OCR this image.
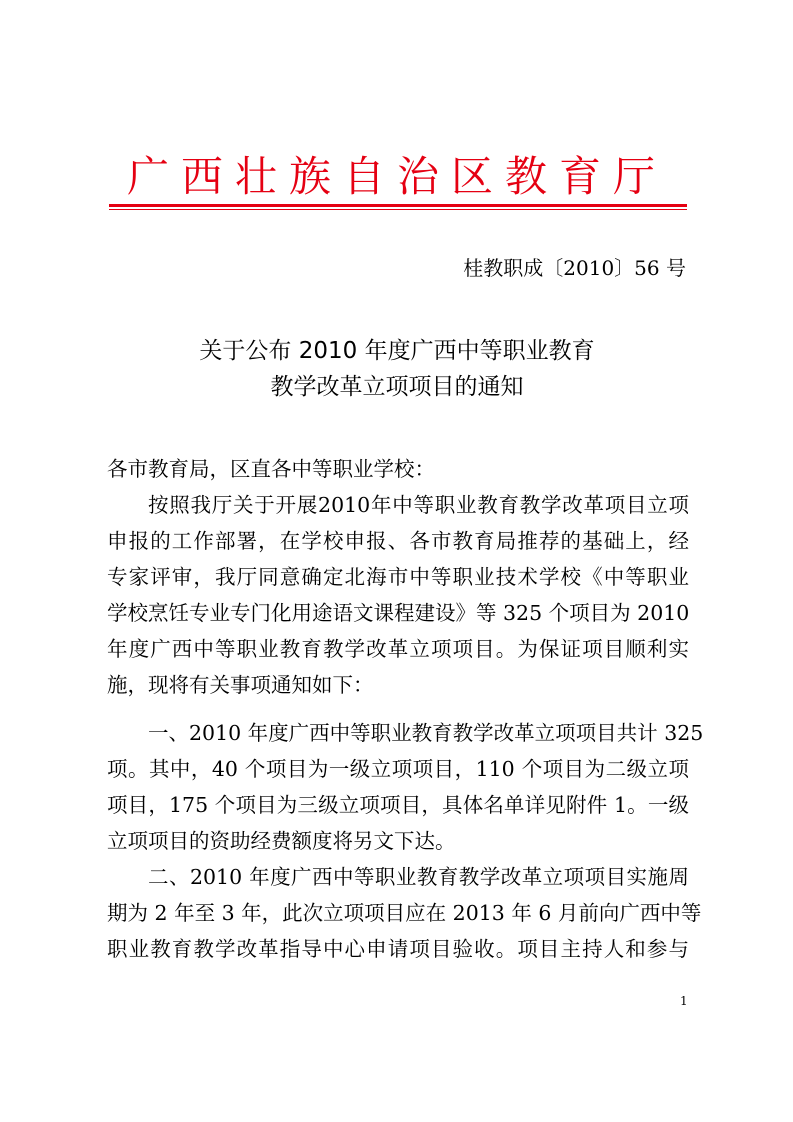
广西壮族自治区教育厅
桂教职成〔2010〕56 号
关于公布 2010 年度广西中等职业教育
教学改革立项项目的通知
各市教育局，区直各中等职业学校：
按照我厅关于开展2010年中等职业教育教学改革项目立项
申报的工作部署，在学校申报、各市教育局推荐的基础上，经
专家评审，我厅同意确定北海市中等职业技术学校《中等职业
学校烹饪专业专门化用途语文课程建设》等 325 个项目为 2010
年度广西中等职业教育教学改革立项项目。为保证项目顺利实
施，现将有关事项通知如下：
一、2010 年度广西中等职业教育教学改革立项项目共计 325
项。其中，40 个项目为一级立项项目，110 个项目为二级立项
项目，175 个项目为三级立项项目，具体名单详见附件 1。一级
立项项目的资助经费额度将另文下达。
二、2010 年度广西中等职业教育教学改革立项项目实施周
期为 2 年至 3 年，此次立项项目应在 2013 年 6 月前向广西中等
职业教育教学改革指导中心申请项目验收。项目主持人和参与
1
